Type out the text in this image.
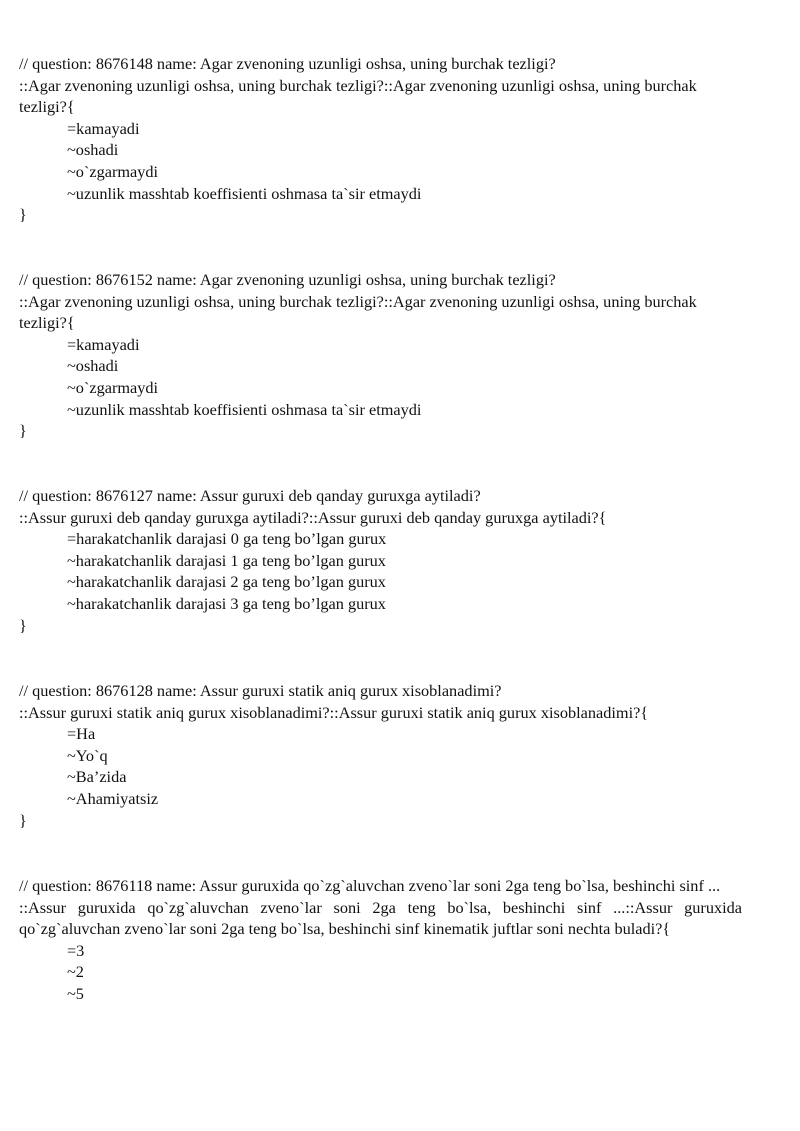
// question: 8676148 name: Agar zvenoning uzunligi oshsa, uning burchak tezligi?
::Agar zvenoning uzunligi oshsa, uning burchak tezligi?::Agar zvenoning uzunligi oshsa, uning burchak tezligi?{
=kamayadi
~oshadi
~o`zgarmaydi
~uzunlik masshtab koeffisienti oshmasa ta`sir etmaydi
}
// question: 8676152 name: Agar zvenoning uzunligi oshsa, uning burchak tezligi?
::Agar zvenoning uzunligi oshsa, uning burchak tezligi?::Agar zvenoning uzunligi oshsa, uning burchak tezligi?{
=kamayadi
~oshadi
~o`zgarmaydi
~uzunlik masshtab koeffisienti oshmasa ta`sir etmaydi
}
// question: 8676127 name: Assur guruxi deb qanday guruxga aytiladi?
::Assur guruxi deb qanday guruxga aytiladi?::Assur guruxi deb qanday guruxga aytiladi?{
=harakatchanlik darajasi 0 ga teng bo’lgan gurux
~harakatchanlik darajasi 1 ga teng bo’lgan gurux
~harakatchanlik darajasi 2 ga teng bo’lgan gurux
~harakatchanlik darajasi 3 ga teng bo’lgan gurux
}
// question: 8676128 name: Assur guruxi statik aniq gurux xisoblanadimi?
::Assur guruxi statik aniq gurux xisoblanadimi?::Assur guruxi statik aniq gurux xisoblanadimi?{
=Ha
~Yo`q
~Ba’zida
~Ahamiyatsiz
}
// question: 8676118 name: Assur guruxida qo`zg`aluvchan zveno`lar soni 2ga teng bo`lsa, beshinchi sinf ...
::Assur guruxida qo`zg`aluvchan zveno`lar soni 2ga teng bo`lsa, beshinchi sinf ...::Assur guruxida qo`zg`aluvchan zveno`lar soni 2ga teng bo`lsa, beshinchi sinf kinematik juftlar soni nechta buladi?{
=3
~2
~5
